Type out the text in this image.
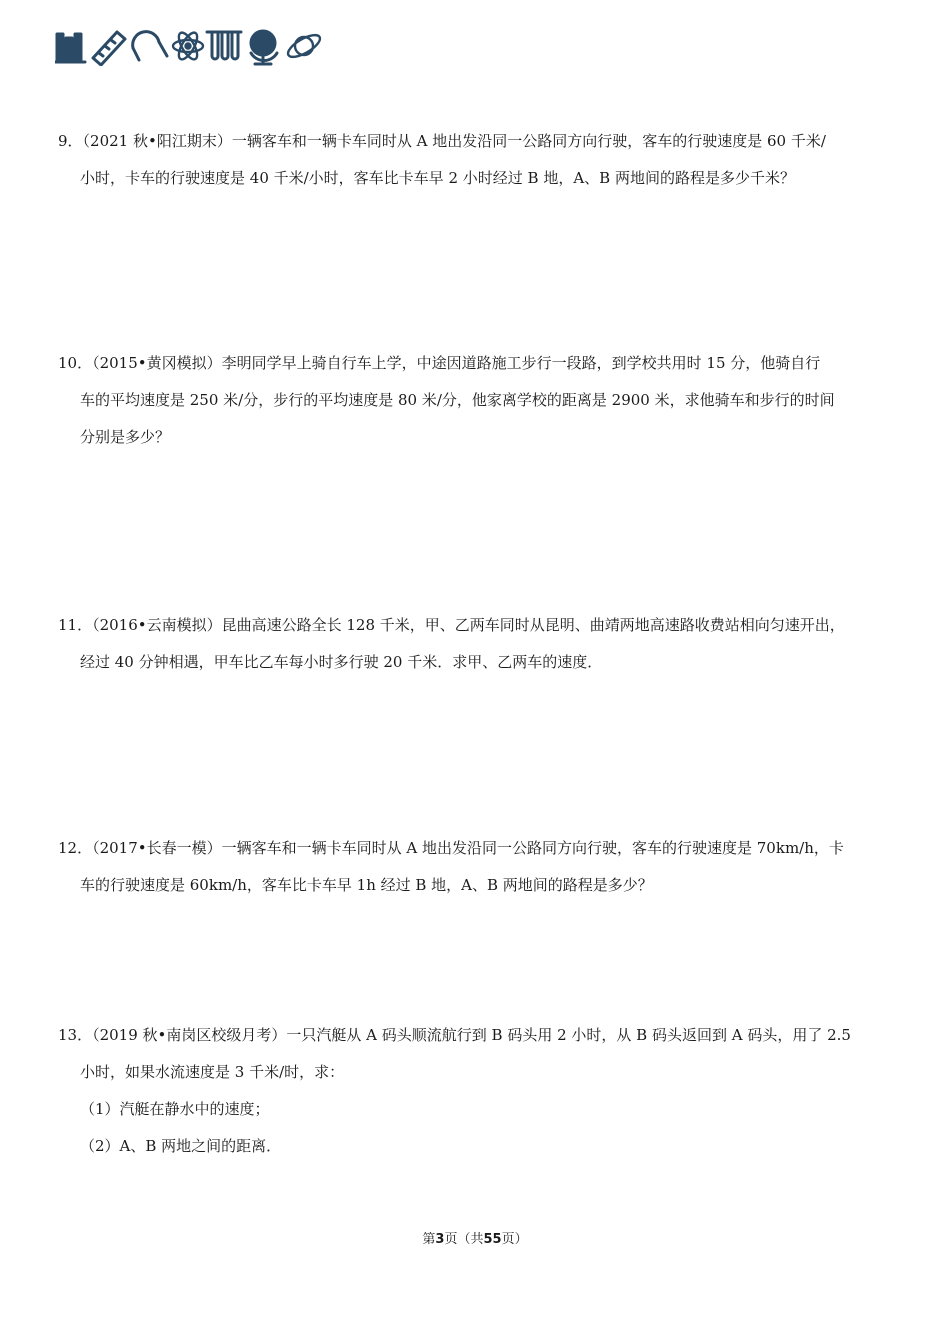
9．（2021 秋•阳江期末）一辆客车和一辆卡车同时从 A 地出发沿同一公路同方向行驶，客车的行驶速度是 60 千米/
小时，卡车的行驶速度是 40 千米/小时，客车比卡车早 2 小时经过 B 地，A、B 两地间的路程是多少千米？
10．（2015•黄冈模拟）李明同学早上骑自行车上学，中途因道路施工步行一段路，到学校共用时 15 分，他骑自行
车的平均速度是 250 米/分，步行的平均速度是 80 米/分，他家离学校的距离是 2900 米，求他骑车和步行的时间
分别是多少？
11．（2016•云南模拟）昆曲高速公路全长 128 千米，甲、乙两车同时从昆明、曲靖两地高速路收费站相向匀速开出，
经过 40 分钟相遇，甲车比乙车每小时多行驶 20 千米．求甲、乙两车的速度．
12．（2017•长春一模）一辆客车和一辆卡车同时从 A 地出发沿同一公路同方向行驶，客车的行驶速度是 70km/h，卡
车的行驶速度是 60km/h，客车比卡车早 1h 经过 B 地，A、B 两地间的路程是多少？
13．（2019 秋•南岗区校级月考）一只汽艇从 A 码头顺流航行到 B 码头用 2 小时，从 B 码头返回到 A 码头，用了 2.5
小时，如果水流速度是 3 千米/时，求：
（1）汽艇在静水中的速度；
（2）A、B 两地之间的距离．
第3页（共55页）
